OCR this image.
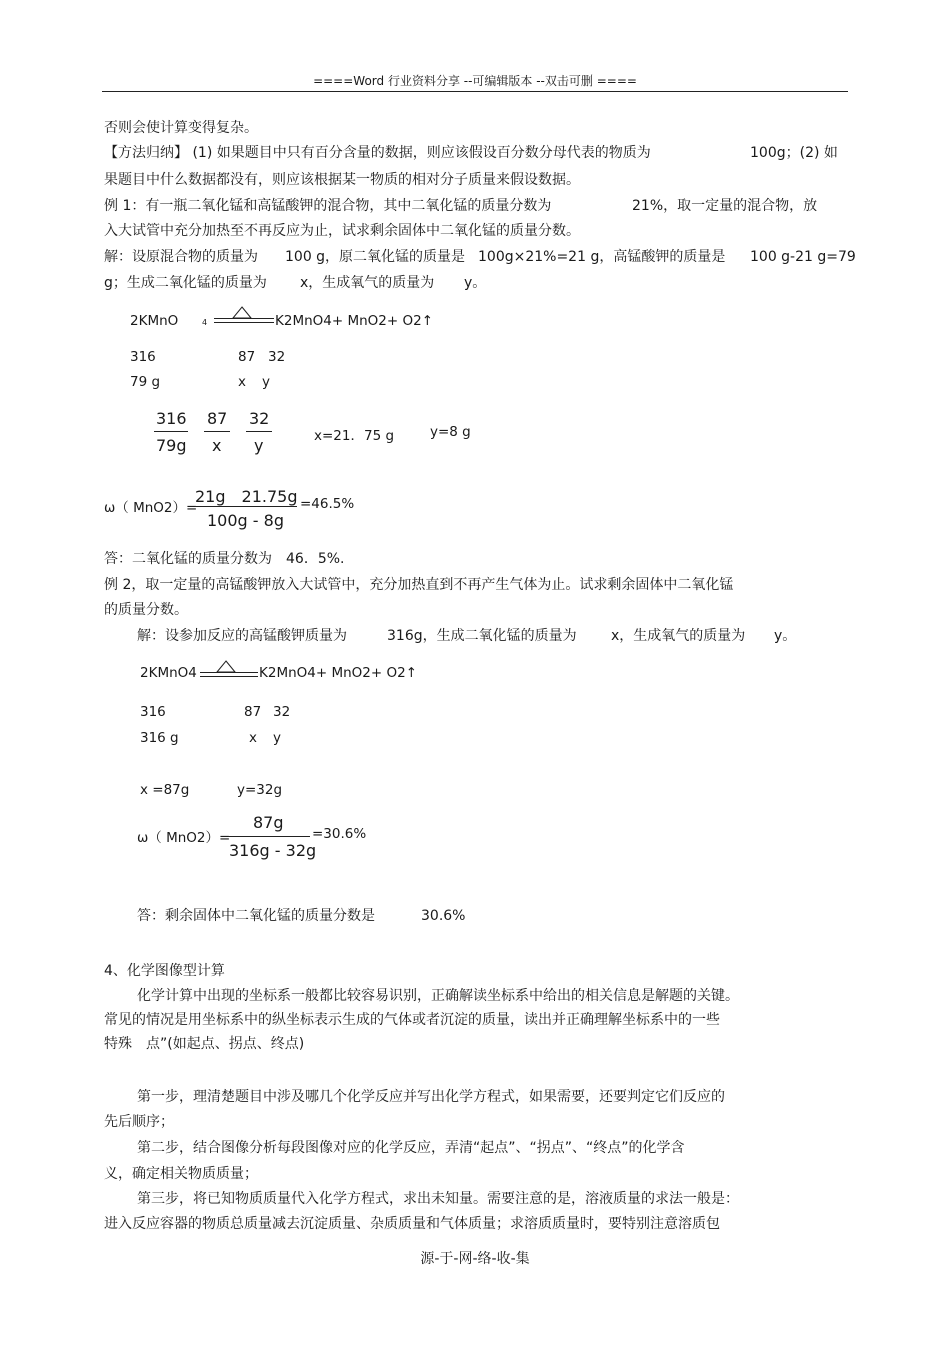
====Word 行业资料分享 --可编辑版本 --双击可删 ====
否则会使计算变得复杂。
【方法归纳】 (1) 如果题目中只有百分含量的数据，则应该假设百分数分母代表的物质为	100g；(2) 如
果题目中什么数据都没有，则应该根据某一物质的相对分子质量来假设数据。
例 1：有一瓶二氧化锰和高锰酸钾的混合物，其中二氧化锰的质量分数为	21%，取一定量的混合物，放
入大试管中充分加热至不再反应为止，试求剩余固体中二氧化锰的质量分数。
解：设原混合物的质量为 100 g，原二氧化锰的质量是 100g×21%=21 g，高锰酸钾的质量是 100 g-21 g=79
g；生成二氧化锰的质量为 x，生成氧气的质量为 y。
2KMnO	4	K2MnO4+ MnO2+ O2↑
316	87 32
79 g	x y
316
79g
87
x
32
y	x=21．75 g	y=8 g
ω（ MnO2）=
21g　21.75g
100g - 8g
=46.5%
答：二氧化锰的质量分数为　46．5%.
例 2，取一定量的高锰酸钾放入大试管中，充分加热直到不再产生气体为止。试求剩余固体中二氧化锰
的质量分数。
解：设参加反应的高锰酸钾质量为	316g，生成二氧化锰的质量为 x，生成氧气的质量为 y。
2KMnO4	K2MnO4+ MnO2+ O2↑
316	87 32
316 g	x y
x =87g	y=32g
ω（ MnO2）=
87g
316g - 32g
=30.6%
答：剩余固体中二氧化锰的质量分数是	30.6%
4、化学图像型计算
化学计算中出现的坐标系一般都比较容易识别，正确解读坐标系中给出的相关信息是解题的关键。
常见的情况是用坐标系中的纵坐标表示生成的气体或者沉淀的质量，读出并正确理解坐标系中的一些
特殊　点”(如起点、拐点、终点)
第一步，理清楚题目中涉及哪几个化学反应并写出化学方程式，如果需要，还要判定它们反应的
先后顺序；
第二步，结合图像分析每段图像对应的化学反应，弄清“起点”、“拐点”、“终点”的化学含
义，确定相关物质质量；
第三步，将已知物质质量代入化学方程式，求出未知量。需要注意的是，溶液质量的求法一般是：
进入反应容器的物质总质量减去沉淀质量、杂质质量和气体质量；求溶质质量时，要特别注意溶质包
源-于-网-络-收-集
